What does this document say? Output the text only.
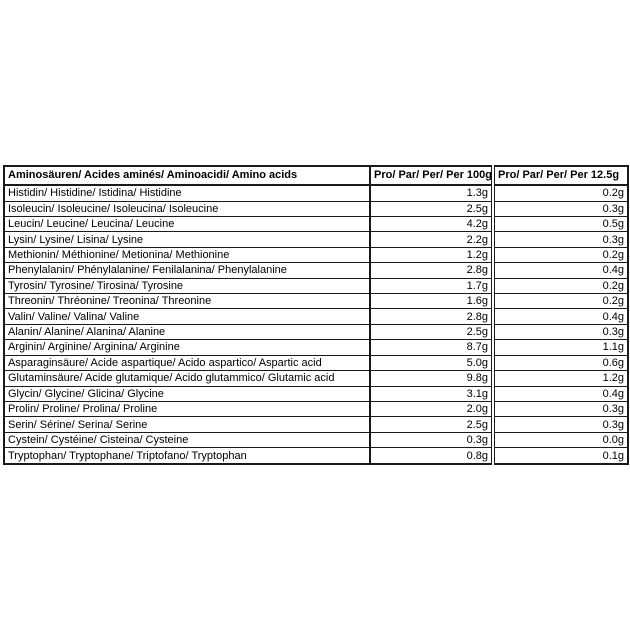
Aminosäuren/ Acides aminés/ Aminoacidi/ Amino acids	Pro/ Par/ Per/ Per 100g	Pro/ Par/ Per/ Per 12.5g
Histidin/ Histidine/ Istidina/ Histidine	1.3g	0.2g
Isoleucin/ Isoleucine/ Isoleucina/ Isoleucine	2.5g	0.3g
Leucin/ Leucine/ Leucina/ Leucine	4.2g	0.5g
Lysin/ Lysine/ Lisina/ Lysine	2.2g	0.3g
Methionin/ Méthionine/ Metionina/ Methionine	1.2g	0.2g
Phenylalanin/ Phénylalanine/ Fenilalanina/ Phenylalanine	2.8g	0.4g
Tyrosin/ Tyrosine/ Tirosina/ Tyrosine	1.7g	0.2g
Threonin/ Thréonine/ Treonina/ Threonine	1.6g	0.2g
Valin/ Valine/ Valina/ Valine	2.8g	0.4g
Alanin/ Alanine/ Alanina/ Alanine	2.5g	0.3g
Arginin/ Arginine/ Arginina/ Arginine	8.7g	1.1g
Asparaginsäure/ Acide aspartique/ Acido aspartico/ Aspartic acid	5.0g	0.6g
Glutaminsäure/ Acide glutamique/ Acido glutammico/ Glutamic acid	9.8g	1.2g
Glycin/ Glycine/ Glicina/ Glycine	3.1g	0.4g
Prolin/ Proline/ Prolina/ Proline	2.0g	0.3g
Serin/ Sérine/ Serina/ Serine	2.5g	0.3g
Cystein/ Cystéine/ Cisteina/ Cysteine	0.3g	0.0g
Tryptophan/ Tryptophane/ Triptofano/ Tryptophan	0.8g	0.1g
